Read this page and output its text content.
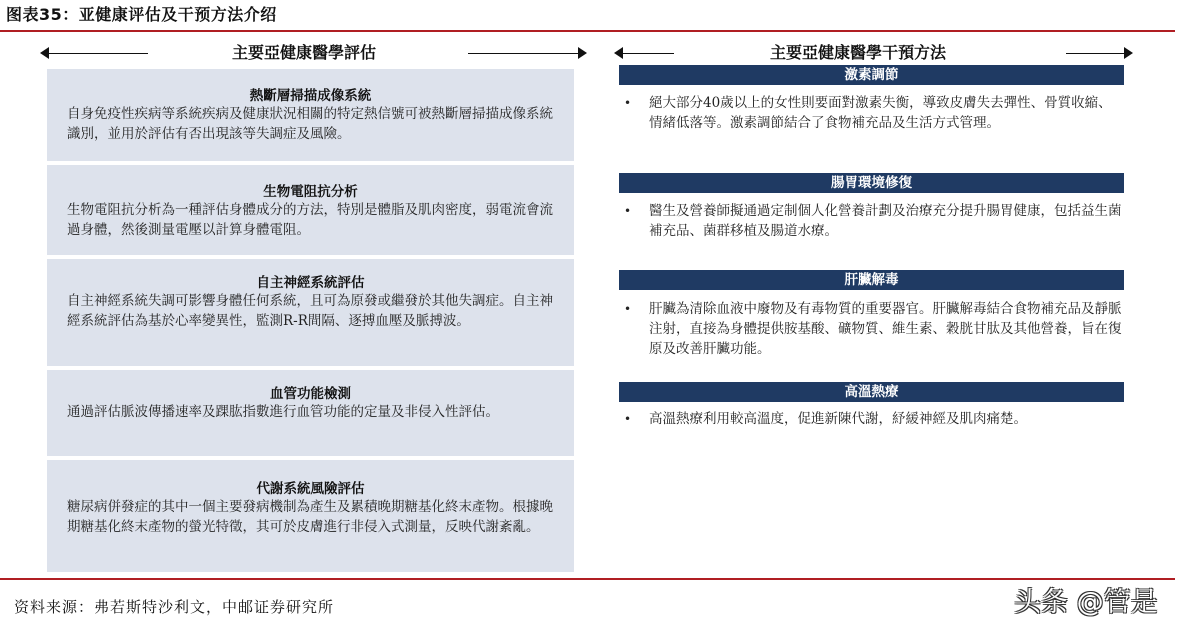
图表35：亚健康评估及干预方法介绍
主要亞健康醫學評估	主要亞健康醫學干預方法
熱斷層掃描成像系統
自身免疫性疾病等系統疾病及健康狀況相關的特定熱信號可被熱斷層掃描成像系統識別，並用於評估有否出現該等失調症及風險。
生物電阻抗分析
生物電阻抗分析為一種評估身體成分的方法，特別是體脂及肌肉密度，弱電流會流過身體，然後測量電壓以計算身體電阻。
自主神經系統評估
自主神經系統失調可影響身體任何系統，且可為原發或繼發於其他失調症。自主神經系統評估為基於心率變異性，監測R-R間隔、逐搏血壓及脈搏波。
血管功能檢測
通過評估脈波傳播速率及踝肱指數進行血管功能的定量及非侵入性評估。
代謝系統風險評估
糖尿病併發症的其中一個主要發病機制為產生及累積晚期糖基化終末產物。根據晚期糖基化終末產物的螢光特徵，其可於皮膚進行非侵入式測量，反映代謝紊亂。
激素調節
• 絕大部分40歲以上的女性則要面對激素失衡，導致皮膚失去彈性、骨質收縮、情緒低落等。激素調節結合了食物補充品及生活方式管理。
腸胃環境修復
• 醫生及營養師擬通過定制個人化營養計劃及治療充分提升腸胃健康，包括益生菌補充品、菌群移植及腸道水療。
肝臟解毒
• 肝臟為清除血液中廢物及有毒物質的重要器官。肝臟解毒結合食物補充品及靜脈注射，直接為身體提供胺基酸、礦物質、維生素、穀胱甘肽及其他營養，旨在復原及改善肝臟功能。
高溫熱療
• 高溫熱療利用較高溫度，促進新陳代謝，紓緩神經及肌肉痛楚。
资料来源：弗若斯特沙利文，中邮证券研究所	头条 @管是
